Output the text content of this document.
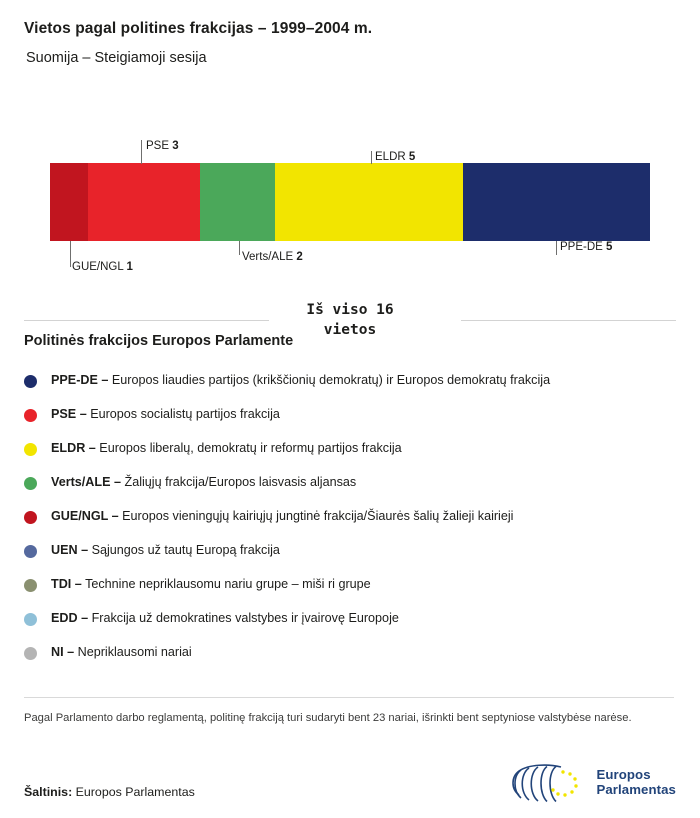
Vietos pagal politines frakcijas – 1999–2004 m.
Suomija – Steigiamoji sesija
GUE/NGL 1
PSE 3
Verts/ALE 2
ELDR 5
PPE-DE 5
Iš viso 16
vietos
Politinės frakcijos Europos Parlamente
PPE-DE – Europos liaudies partijos (krikščionių demokratų) ir Europos demokratų frakcija
PSE – Europos socialistų partijos frakcija
ELDR – Europos liberalų, demokratų ir reformų partijos frakcija
Verts/ALE – Žaliųjų frakcija/Europos laisvasis aljansas
GUE/NGL – Europos vieningųjų kairiųjų jungtinė frakcija/Šiaurės šalių žalieji kairieji
UEN – Sąjungos už tautų Europą frakcija
TDI – Technine nepriklausomu nariu grupe – miši ri grupe
EDD – Frakcija už demokratines valstybes ir įvairovę Europoje
NI – Nepriklausomi nariai
Pagal Parlamento darbo reglamentą, politinę frakciją turi sudaryti bent 23 nariai, išrinkti bent septyniose valstybėse narėse.
Šaltinis: Europos Parlamentas
Europos
Parlamentas
